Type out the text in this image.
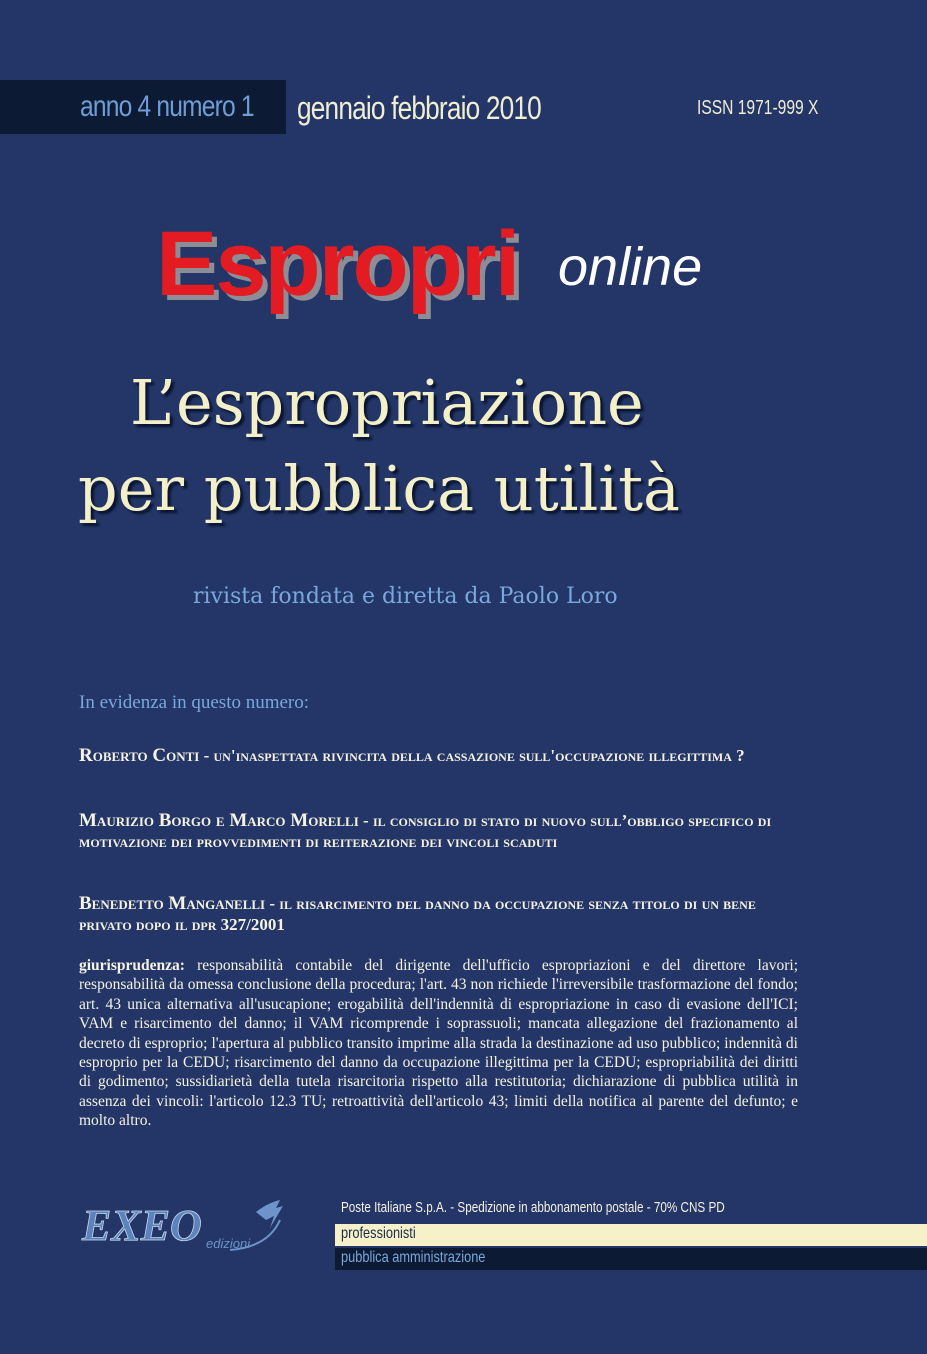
anno 4 numero 1 gennaio febbraio 2010	ISSN 1971-999 X
Espropri online
L’espropriazione
per pubblica utilità
rivista fondata e diretta da Paolo Loro
In evidenza in questo numero:
Roberto Conti - un'inaspettata rivincita della cassazione sull'occupazione illegittima ?
Maurizio Borgo e Marco Morelli - il consiglio di stato di nuovo sull’obbligo specifico di motivazione dei provvedimenti di reiterazione dei vincoli scaduti
Benedetto Manganelli - il risarcimento del danno da occupazione senza titolo di un bene privato dopo il dpr 327/2001
giurisprudenza: responsabilità contabile del dirigente dell'ufficio espropriazioni e del direttore lavori; responsabilità da omessa conclusione della procedura; l'art. 43 non richiede l'irreversibile trasformazione del fondo; art. 43 unica alternativa all'usucapione; erogabilità dell'indennità di espropriazione in caso di evasione dell'ICI; VAM e risarcimento del danno; il VAM ricomprende i soprassuoli; mancata allegazione del frazionamento al decreto di esproprio; l'apertura al pubblico transito imprime alla strada la destinazione ad uso pubblico; indennità di esproprio per la CEDU; risarcimento del danno da occupazione illegittima per la CEDU; espropriabilità dei diritti di godimento; sussidiarietà della tutela risarcitoria rispetto alla restitutoria; dichiarazione di pubblica utilità in assenza dei vincoli: l'articolo 12.3 TU; retroattività dell'articolo 43; limiti della notifica al parente del defunto; e molto altro.
EXEO edizioni
Poste Italiane S.p.A. - Spedizione in abbonamento postale - 70% CNS PD
professionisti
pubblica amministrazione
